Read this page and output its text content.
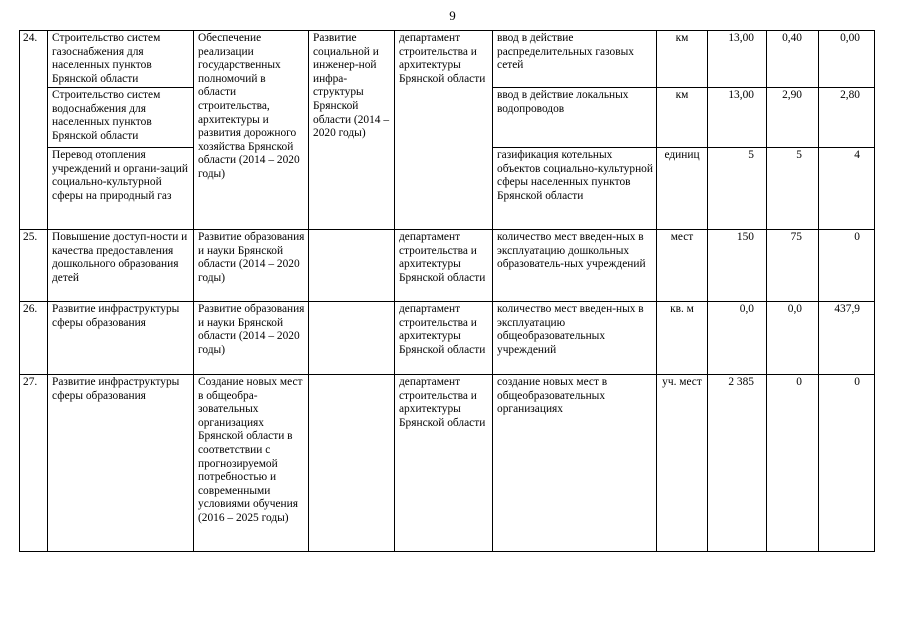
9
24.	Строительство систем газоснабжения для населенных пунктов Брянской области	Обеспечение реализации государственных полномочий в области строительства, архитектуры и развития дорожного хозяйства Брянской области (2014 – 2020 годы)	Развитие социальной и инженер-ной инфра-структуры Брянской области (2014 – 2020 годы)	департамент строительства и архитектуры Брянской области	ввод в действие распределительных газовых сетей	км	13,00	0,40	0,00
	Строительство систем водоснабжения для населенных пунктов Брянской области				ввод в действие локальных водопроводов	км	13,00	2,90	2,80
	Перевод отопления учреждений и органи-заций социально-культурной сферы на природный газ				газификация котельных объектов социально-культурной сферы населенных пунктов Брянской области	единиц	5	5	4
25.	Повышение доступ-ности и качества предоставления дошкольного образования детей	Развитие образования и науки Брянской области (2014 – 2020 годы)		департамент строительства и архитектуры Брянской области	количество мест введен-ных в эксплуатацию дошкольных образователь-ных учреждений	мест	150	75	0
26.	Развитие инфраструктуры сферы образования	Развитие образования и науки Брянской области (2014 – 2020 годы)		департамент строительства и архитектуры Брянской области	количество мест введен-ных в эксплуатацию общеобразовательных учреждений	кв. м	0,0	0,0	437,9
27.	Развитие инфраструктуры сферы образования	Создание новых мест в общеобра-зовательных организациях Брянской области в соответствии с прогнозируемой потребностью и современными условиями обучения (2016 – 2025 годы)		департамент строительства и архитектуры Брянской области	создание новых мест в общеобразовательных организациях	уч. мест	2 385	0	0
